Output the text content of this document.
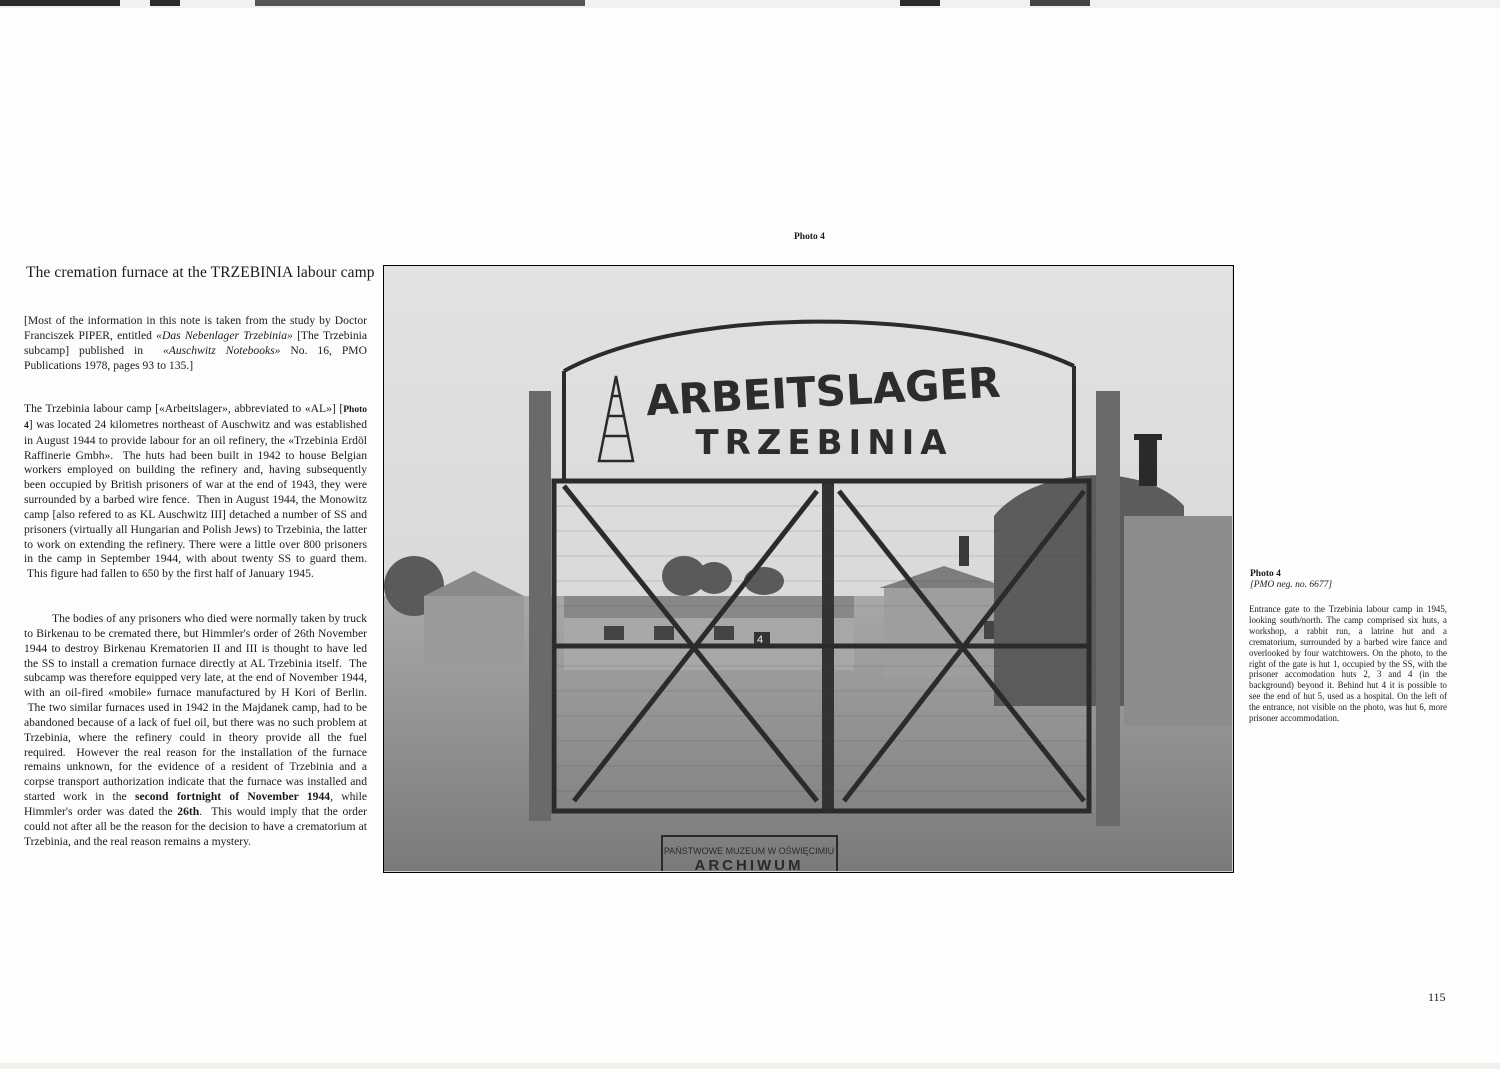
The cremation furnace at the TRZEBINIA labour camp

[Most of the information in this note is taken from the study by Doctor Franciszek PIPER, entitled «Das Nebenlager Trzebinia» [The Trzebinia subcamp] published in  «Auschwitz Notebooks» No. 16, PMO Publications 1978, pages 93 to 135.]

The Trzebinia labour camp [«Arbeitslager», abbreviated to «AL»] [Photo 4] was located 24 kilometres northeast of Auschwitz and was established in August 1944 to provide labour for an oil refinery, the «Trzebinia Erdöl Raffinerie Gmbh».  The huts had been built in 1942 to house Belgian workers employed on building the refinery and, having subsequently been occupied by British prisoners of war at the end of 1943, they were surrounded by a barbed wire fence.  Then in August 1944, the Monowitz camp [also refered to as KL Auschwitz III] detached a number of SS and prisoners (virtually all Hungarian and Polish Jews) to Trzebinia, the latter to work on extending the refinery. There were a little over 800 prisoners in the camp in September 1944, with about twenty SS to guard them.  This figure had fallen to 650 by the first half of January 1945.

The bodies of any prisoners who died were normally taken by truck to Birkenau to be cremated there, but Himmler's order of 26th November 1944 to destroy Birkenau Krematorien II and III is thought to have led the SS to install a cremation furnace directly at AL Trzebinia itself.  The subcamp was therefore equipped very late, at the end of November 1944, with an oil-fired «mobile» furnace manufactured by H Kori of Berlin.  The two similar furnaces used in 1942 in the Majdanek camp, had to be abandoned because of a lack of fuel oil, but there was no such problem at Trzebinia, where the refinery could in theory provide all the fuel required.  However the real reason for the installation of the furnace remains unknown, for the evidence of a resident of Trzebinia and a corpse transport authorization indicate that the furnace was installed and started work in the second fortnight of November 1944, while Himmler's order was dated the 26th.  This would imply that the order could not after all be the reason for the decision to have a crematorium at Trzebinia, and the real reason remains a mystery.

Photo 4
4
ARBEITSLAGER
TRZEBINIA
PAŃSTWOWE MUZEUM W OŚWIĘCIMIU
ARCHIWUM
Photo 4
[PMO neg. no. 6677]

Entrance gate to the Trzebinia labour camp in 1945, looking south/north. The camp comprised six huts, a workshop, a rabbit run, a latrine hut and a crematorium, surrounded by a barbed wire fance and overlooked by four watchtowers. On the photo, to the right of the gate is hut 1, occupied by the SS, with the prisoner accomodation huts 2, 3 and 4 (in the background) beyond it. Behind hut 4 it is possible to see the end of hut 5, used as a hospital. On the left of the entrance, not visible on the photo, was hut 6, more prisoner accommodation.

115
